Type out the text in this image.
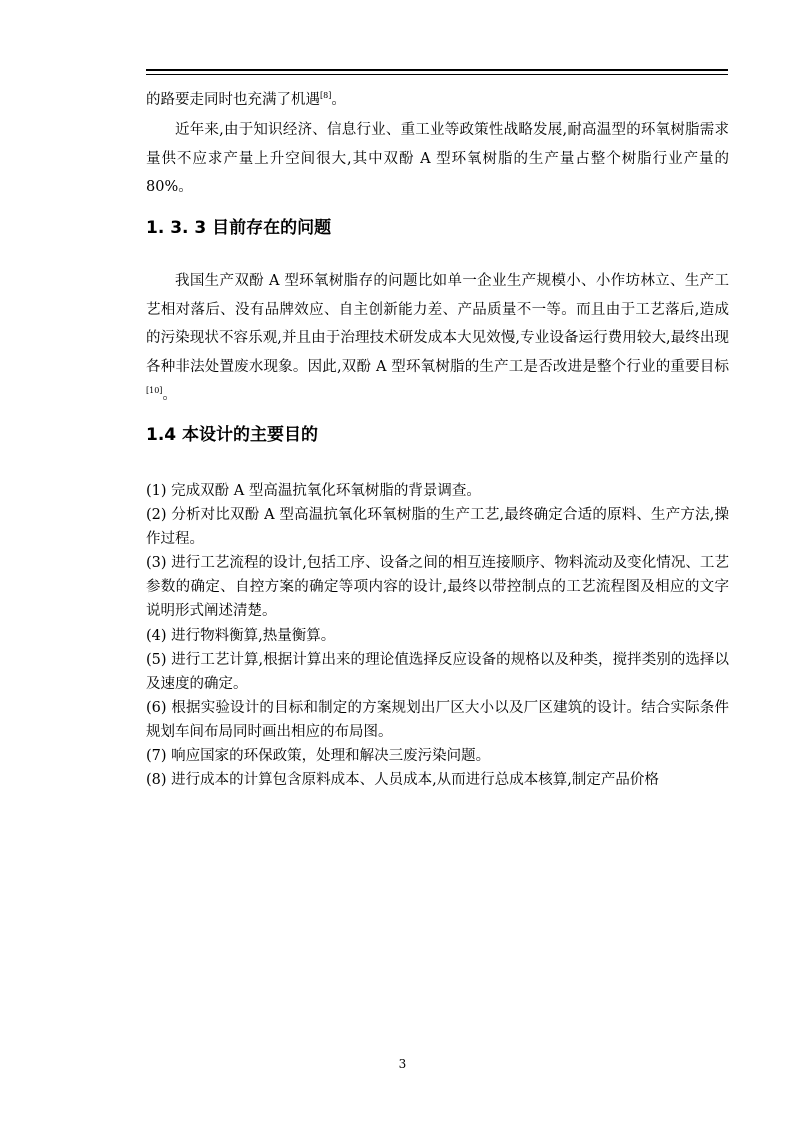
的路要走同时也充满了机遇[8]。

近年来,由于知识经济、信息行业、重工业等政策性战略发展,耐高温型的环氧树脂需求量供不应求产量上升空间很大,其中双酚 A 型环氧树脂的生产量占整个树脂行业产量的 80%。

1. 3. 3 目前存在的问题

我国生产双酚 A 型环氧树脂存的问题比如单一企业生产规模小、小作坊林立、生产工艺相对落后、没有品牌效应、自主创新能力差、产品质量不一等。而且由于工艺落后,造成的污染现状不容乐观,并且由于治理技术研发成本大见效慢,专业设备运行费用较大,最终出现各种非法处置废水现象。因此,双酚 A 型环氧树脂的生产工是否改进是整个行业的重要目标[10]。

1.4 本设计的主要目的
(1) 完成双酚 A 型高温抗氧化环氧树脂的背景调查。
(2) 分析对比双酚 A 型高温抗氧化环氧树脂的生产工艺,最终确定合适的原料、生产方法,操作过程。
(3) 进行工艺流程的设计,包括工序、设备之间的相互连接顺序、物料流动及变化情况、工艺参数的确定、自控方案的确定等项内容的设计,最终以带控制点的工艺流程图及相应的文字说明形式阐述清楚。
(4) 进行物料衡算,热量衡算。
(5) 进行工艺计算,根据计算出来的理论值选择反应设备的规格以及种类，搅拌类别的选择以及速度的确定。
(6) 根据实验设计的目标和制定的方案规划出厂区大小以及厂区建筑的设计。结合实际条件规划车间布局同时画出相应的布局图。
(7) 响应国家的环保政策，处理和解决三废污染问题。
(8) 进行成本的计算包含原料成本、人员成本,从而进行总成本核算,制定产品价格
3
